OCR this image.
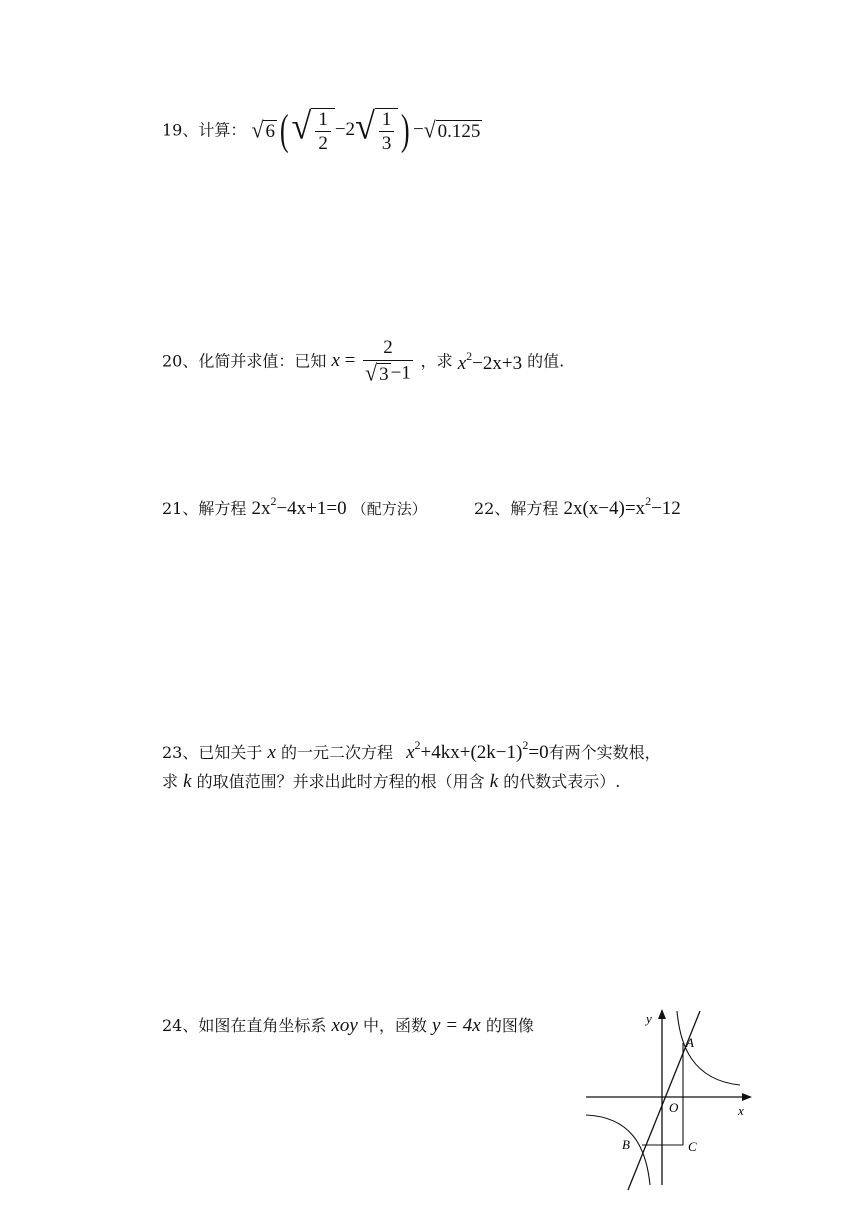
19、计算： √ 6 ( √ $\frac{1}{2} -2$ √ $\frac{1}{3}$ ) − √ 0.125
20、化简并求值：已知 $x = \frac{2}{√ 3 -1}$ ，求 $x^2-2x+3$ 的值.
21、解方程 $2x^2-4x+1=0$ （配方法）	22、解方程 $2x(x-4)=x^2-12$
23、已知关于 x 的一元二次方程 $x^2+4kx+(2k-1)^2=0$有两个实数根，
求 k 的取值范围？并求出此时方程的根（用含 k 的代数式表示）.
24、如图在直角坐标系 xoy 中，函数 y = 4x 的图像	y
x
O
A
B	C
